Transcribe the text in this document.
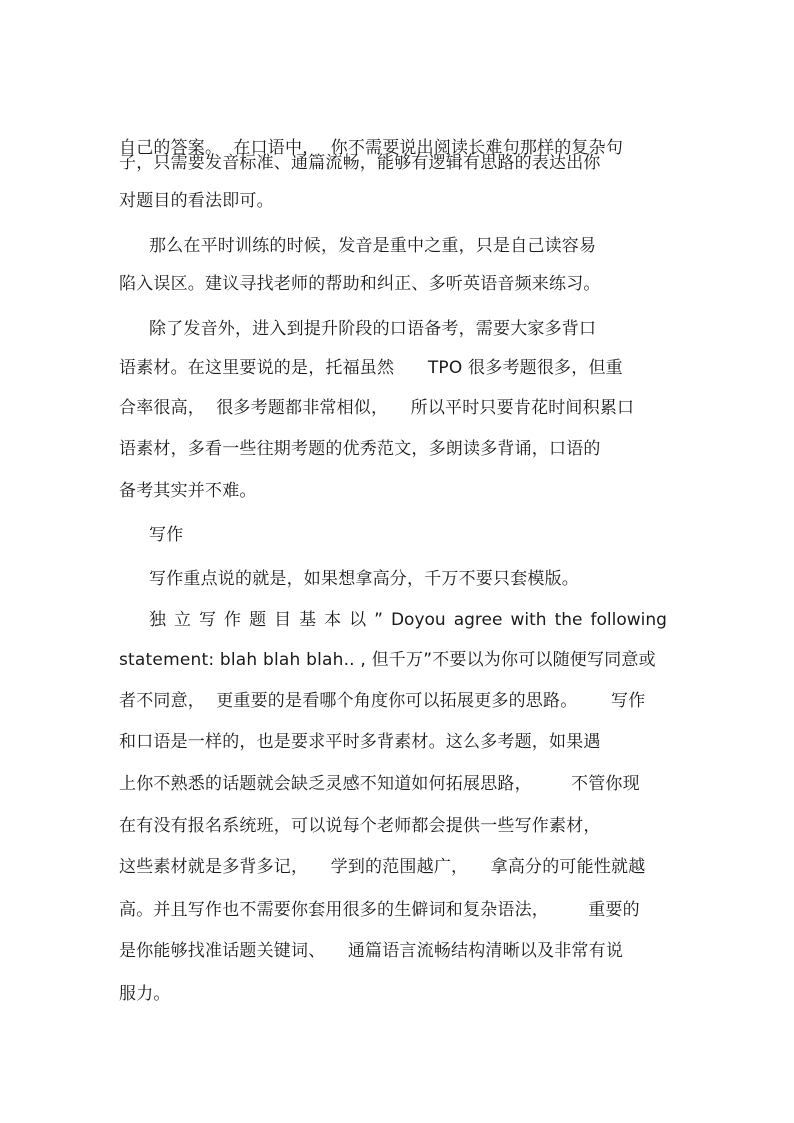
自己的答案。  在口语中，  你不需要说出阅读长难句那样的复杂句
子，只需要发音标准、通篇流畅，能够有逻辑有思路的表达出你
对题目的看法即可。
那么在平时训练的时候，发音是重中之重，只是自己读容易
陷入误区。建议寻找老师的帮助和纠正、多听英语音频来练习。
除了发音外，进入到提升阶段的口语备考，需要大家多背口
语素材。在这里要说的是，托福虽然      TPO 很多考题很多，但重
合率很高，  很多考题都非常相似，    所以平时只要肯花时间积累口
语素材，多看一些往期考题的优秀范文，多朗读多背诵，口语的
备考其实并不难。
写作
写作重点说的就是，如果想拿高分，千万不要只套模版。
独 立 写 作 题 目 基 本 以 ” Doyou agree with the following
statement: blah blah blah.. , 但千万”不要以为你可以随便写同意或
者不同意，  更重要的是看哪个角度你可以拓展更多的思路。      写作
和口语是一样的，也是要求平时多背素材。这么多考题，如果遇
上你不熟悉的话题就会缺乏灵感不知道如何拓展思路，       不管你现
在有没有报名系统班，可以说每个老师都会提供一些写作素材，
这些素材就是多背多记，    学到的范围越广，    拿高分的可能性就越
高。并且写作也不需要你套用很多的生僻词和复杂语法，       重要的
是你能够找准话题关键词、    通篇语言流畅结构清晰以及非常有说
服力。
